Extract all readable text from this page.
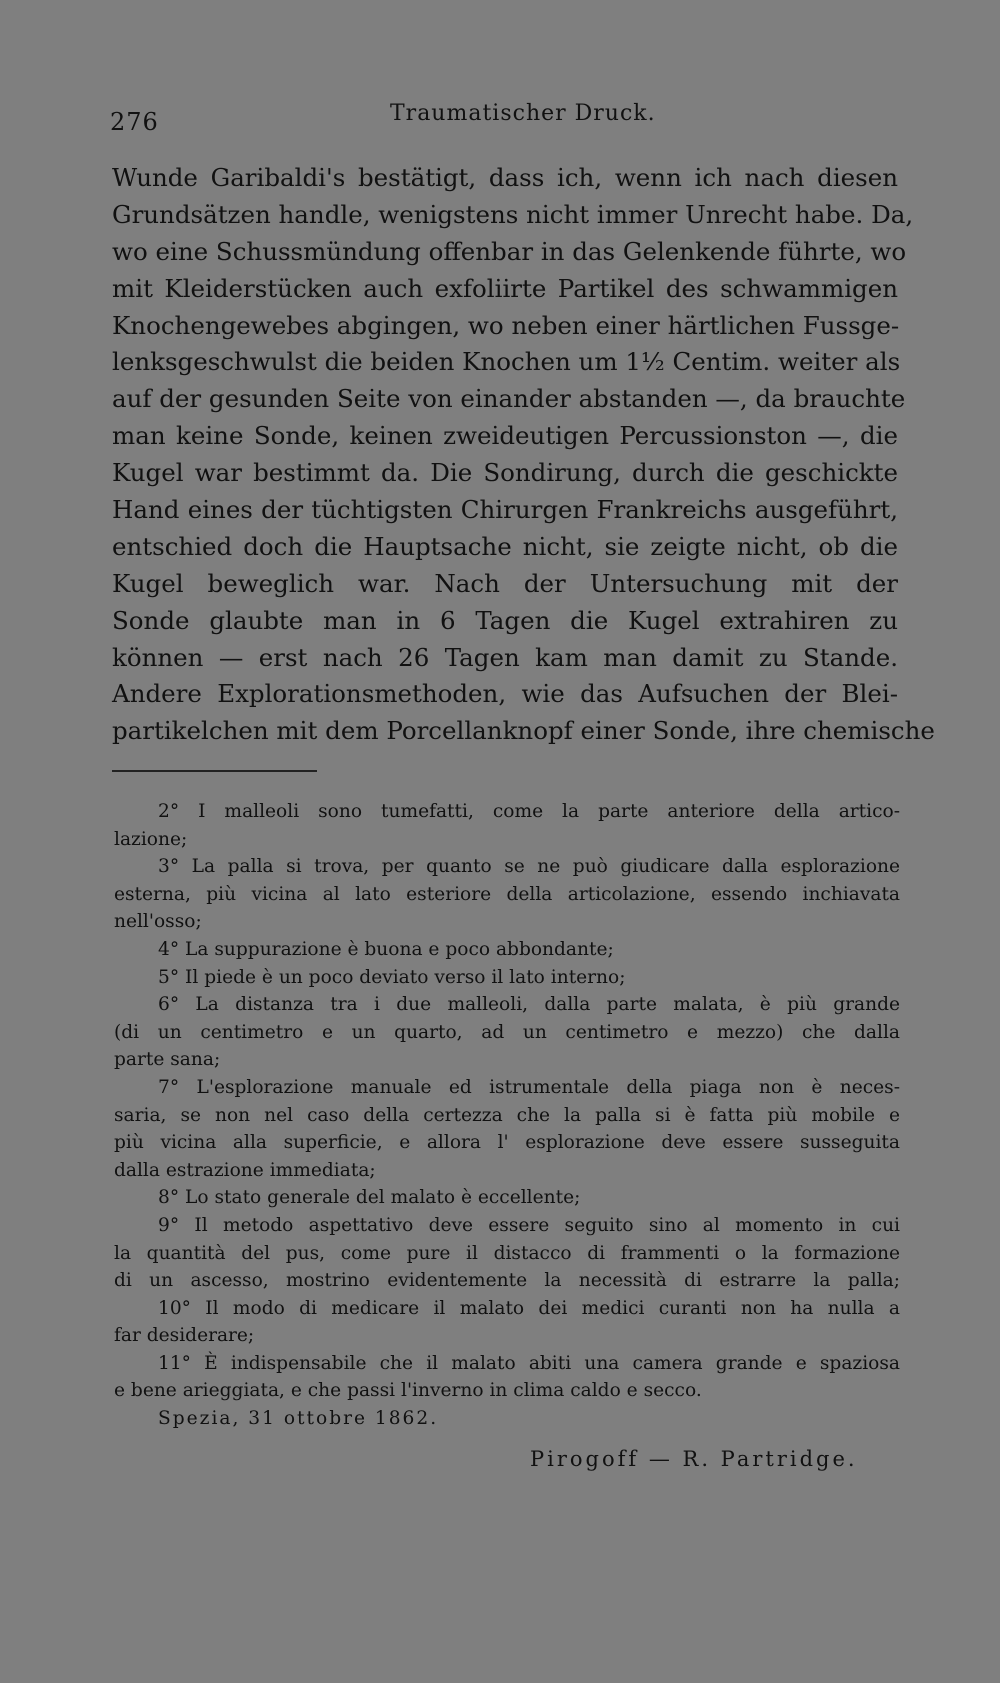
276	Traumatischer Druck.
Wunde Garibaldi's bestätigt, dass ich, wenn ich nach diesen
Grundsätzen handle, wenigstens nicht immer Unrecht habe. Da,
wo eine Schussmündung offenbar in das Gelenkende führte, wo
mit Kleiderstücken auch exfoliirte Partikel des schwammigen
Knochengewebes abgingen, wo neben einer härtlichen Fussge-
lenksgeschwulst die beiden Knochen um 1½ Centim. weiter als
auf der gesunden Seite von einander abstanden —, da brauchte
man keine Sonde, keinen zweideutigen Percussionston —, die
Kugel war bestimmt da. Die Sondirung, durch die geschickte
Hand eines der tüchtigsten Chirurgen Frankreichs ausgeführt,
entschied doch die Hauptsache nicht, sie zeigte nicht, ob die
Kugel beweglich war. Nach der Untersuchung mit der
Sonde glaubte man in 6 Tagen die Kugel extrahiren zu
können — erst nach 26 Tagen kam man damit zu Stande.
Andere Explorationsmethoden, wie das Aufsuchen der Blei-
partikelchen mit dem Porcellanknopf einer Sonde, ihre chemische
2° I malleoli sono tumefatti, come la parte anteriore della artico-
lazione;
3° La palla si trova, per quanto se ne può giudicare dalla esplorazione
esterna, più vicina al lato esteriore della articolazione, essendo inchiavata
nell'osso;
4° La suppurazione è buona e poco abbondante;
5° Il piede è un poco deviato verso il lato interno;
6° La distanza tra i due malleoli, dalla parte malata, è più grande
(di un centimetro e un quarto, ad un centimetro e mezzo) che dalla
parte sana;
7° L'esplorazione manuale ed istrumentale della piaga non è neces-
saria, se non nel caso della certezza che la palla si è fatta più mobile e
più vicina alla superficie, e allora l' esplorazione deve essere susseguita
dalla estrazione immediata;
8° Lo stato generale del malato è eccellente;
9° Il metodo aspettativo deve essere seguito sino al momento in cui
la quantità del pus, come pure il distacco di frammenti o la formazione
di un ascesso, mostrino evidentemente la necessità di estrarre la palla;
10° Il modo di medicare il malato dei medici curanti non ha nulla a
far desiderare;
11° È indispensabile che il malato abiti una camera grande e spaziosa
e bene arieggiata, e che passi l'inverno in clima caldo e secco.
Spezia, 31 ottobre 1862.
Pirogoff — R. Partridge.
